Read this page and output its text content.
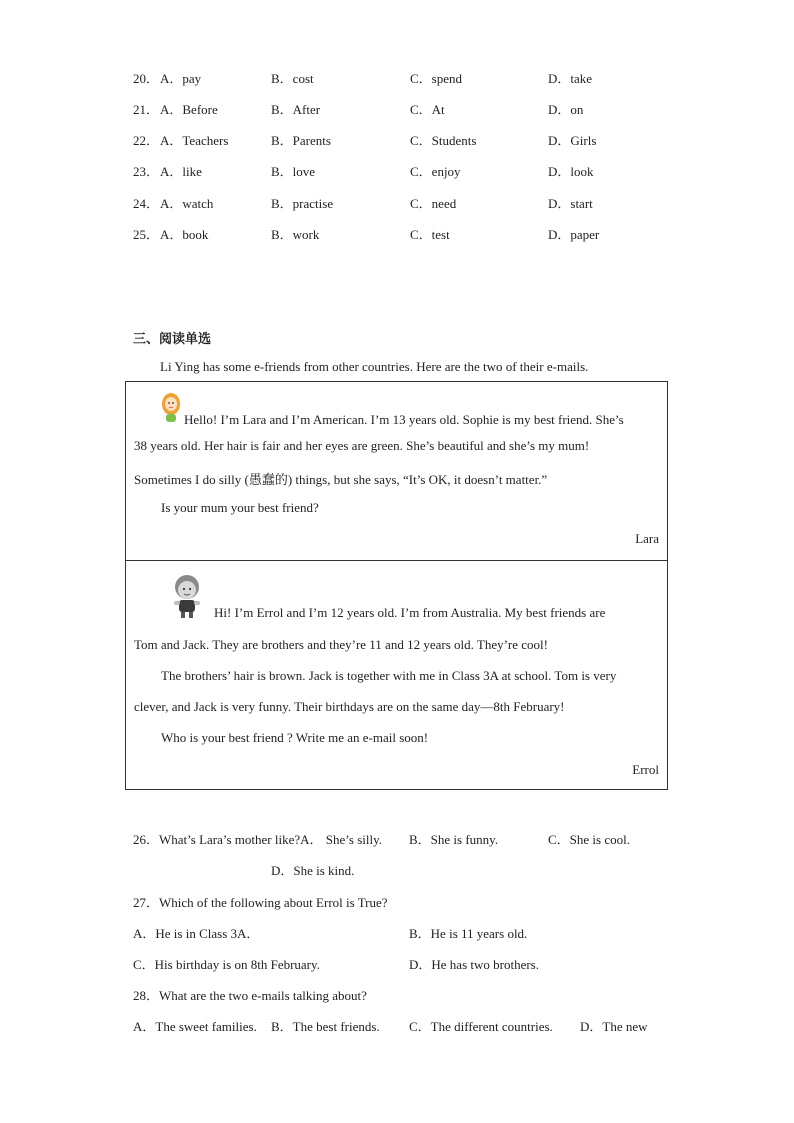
20． A．pay	B．cost	C．spend	D．take
21． A．Before	B．After	C．At	D．on
22． A．Teachers	B．Parents	C．Students	D．Girls
23． A．like	B．love	C．enjoy	D．look
24． A．watch	B．practise	C．need	D．start
25． A．book	B．work	C．test	D．paper
三、阅读单选
Li Ying has some e-friends from other countries. Here are the two of their e-mails.
Hello! I’m Lara and I’m American. I’m 13 years old. Sophie is my best friend. She’s
38 years old. Her hair is fair and her eyes are green. She’s beautiful and she’s my mum!
Sometimes I do silly (愚蠢的) things, but she says, “It’s OK, it doesn’t matter.”
Is your mum your best friend?
Lara
Hi! I’m Errol and I’m 12 years old. I’m from Australia. My best friends are
Tom and Jack. They are brothers and they’re 11 and 12 years old. They’re cool!
The brothers’ hair is brown. Jack is together with me in Class 3A at school. Tom is very
clever, and Jack is very funny. Their birthdays are on the same day—8th February!
Who is your best friend ? Write me an e-mail soon!
Errol
26．What’s Lara’s mother like?A． She’s silly. B．She is funny.	C．She is cool.
D．She is kind.
27．Which of the following about Errol is True?
A．He is in Class 3A．	B．He is 11 years old.
C．His birthday is on 8th February.	D．He has two brothers.
28．What are the two e-mails talking about?
A．The sweet families. B．The best friends. C．The different countries. D．The new
